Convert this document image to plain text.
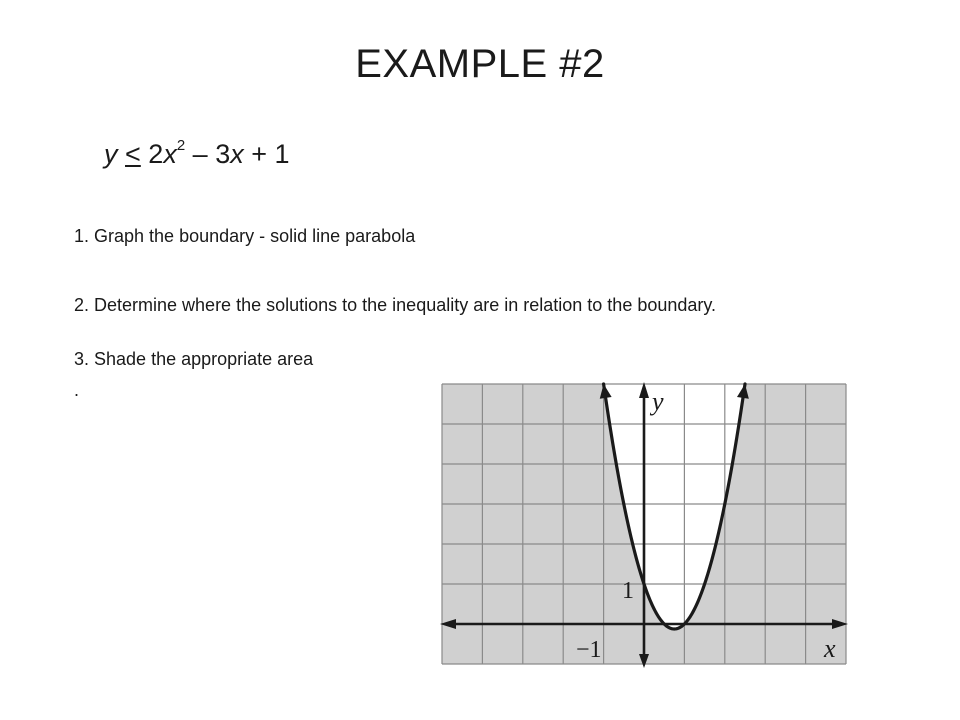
EXAMPLE #2
$y < 2x^2 - 3x + 1$
1. Graph the boundary - solid line parabola
2. Determine where the solutions to the inequality are in relation to the boundary.
3. Shade the appropriate area
.	y
x
1
−1
